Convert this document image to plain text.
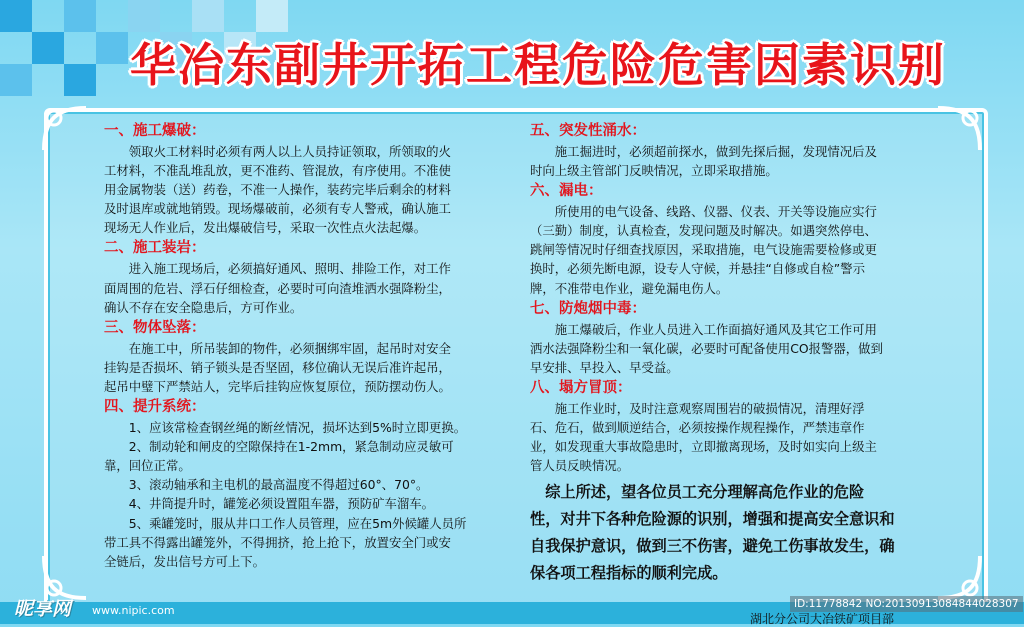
华冶东副井开拓工程危险危害因素识别
一、施工爆破：
领取火工材料时必须有两人以上人员持证领取，所领取的火
工材料，不准乱堆乱放，更不准药、管混放，有序使用。不准使
用金属物装（送）药卷，不准一人操作，装药完毕后剩余的材料
及时退库或就地销毁。现场爆破前，必须有专人警戒，确认施工
现场无人作业后，发出爆破信号，采取一次性点火法起爆。
二、施工装岩：
进入施工现场后，必须搞好通风、照明、排险工作，对工作
面周围的危岩、浮石仔细检查，必要时可向渣堆洒水强降粉尘，
确认不存在安全隐患后，方可作业。
三、物体坠落：
在施工中，所吊装卸的物件，必须捆绑牢固，起吊时对安全
挂钩是否损坏、销子锁头是否坚固，移位确认无误后准许起吊，
起吊中璧下严禁站人，完毕后挂钩应恢复原位，预防摆动伤人。
四、提升系统：
1、应该常检查钢丝绳的断丝情况，损坏达到5%时立即更换。
2、制动轮和闸皮的空隙保持在1-2mm，紧急制动应灵敏可
靠，回位正常。
3、滚动轴承和主电机的最高温度不得超过60°、70°。
4、井筒提升时，罐笼必须设置阻车器，预防矿车溜车。
5、乘罐笼时，服从井口工作人员管理，应在5m外候罐人员所
带工具不得露出罐笼外，不得拥挤，抢上抢下，放置安全门或安
全链后，发出信号方可上下。
五、突发性涌水：
施工掘进时，必须超前探水，做到先探后掘，发现情况后及
时向上级主管部门反映情况，立即采取措施。
六、漏电：
所使用的电气设备、线路、仪器、仪表、开关等设施应实行
（三勤）制度，认真检查，发现问题及时解决。如遇突然停电、
跳闸等情况时仔细查找原因，采取措施，电气设施需要检修或更
换时，必须先断电源，设专人守候，并悬挂“自修或自检”警示
牌，不准带电作业，避免漏电伤人。
七、防炮烟中毒：
施工爆破后，作业人员进入工作面搞好通风及其它工作可用
洒水法强降粉尘和一氧化碳，必要时可配备使用CO报警器，做到
早安排、早投入、早受益。
八、塌方冒顶：
施工作业时，及时注意观察周围岩的破损情况，清理好浮
石、危石，做到顺逆结合，必须按操作规程操作，严禁违章作
业，如发现重大事故隐患时，立即撤离现场，及时如实向上级主
管人员反映情况。
综上所述，望各位员工充分理解高危作业的危险
性，对井下各种危险源的识别，增强和提高安全意识和
自我保护意识，做到三不伤害，避免工伤事故发生，确
保各项工程指标的顺利完成。
昵享网 www.nipic.com	ID:11778842 NO:20130913084844028307
湖北分公司大冶铁矿项目部
